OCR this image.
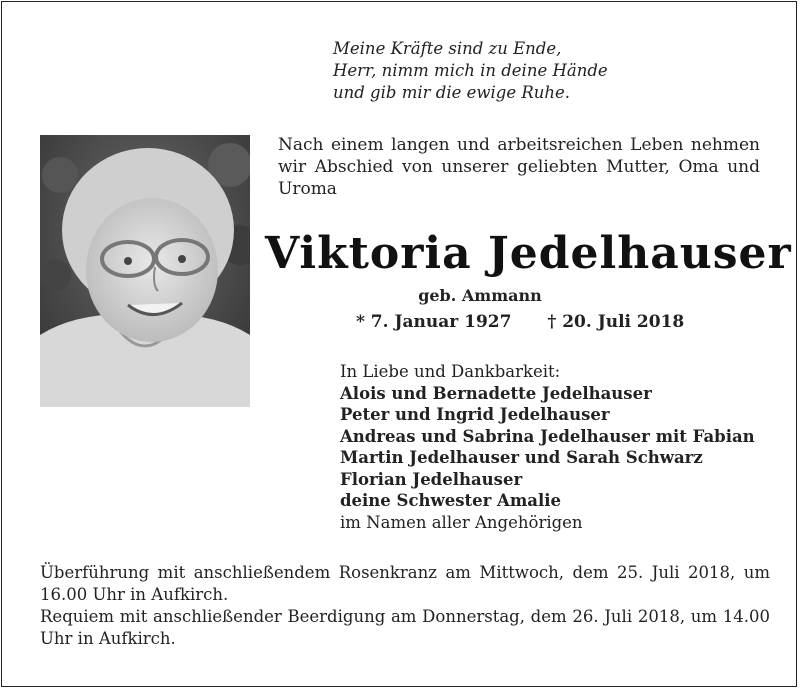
Meine Kräfte sind zu Ende,
Herr, nimm mich in deine Hände
und gib mir die ewige Ruhe.
Nach einem langen und arbeitsreichen Leben nehmen wir Abschied von unserer geliebten Mutter, Oma und Uroma
Viktoria Jedelhauser
geb. Ammann
* 7. Januar 1927 † 20. Juli 2018
In Liebe und Dankbarkeit:
Alois und Bernadette Jedelhauser
Peter und Ingrid Jedelhauser
Andreas und Sabrina Jedelhauser mit Fabian
Martin Jedelhauser und Sarah Schwarz
Florian Jedelhauser
deine Schwester Amalie
im Namen aller Angehörigen
Überführung mit anschließendem Rosenkranz am Mittwoch, dem 25. Juli 2018, um 16.00 Uhr in Aufkirch.
Requiem mit anschließender Beerdigung am Donnerstag, dem 26. Juli 2018, um 14.00 Uhr in Aufkirch.
